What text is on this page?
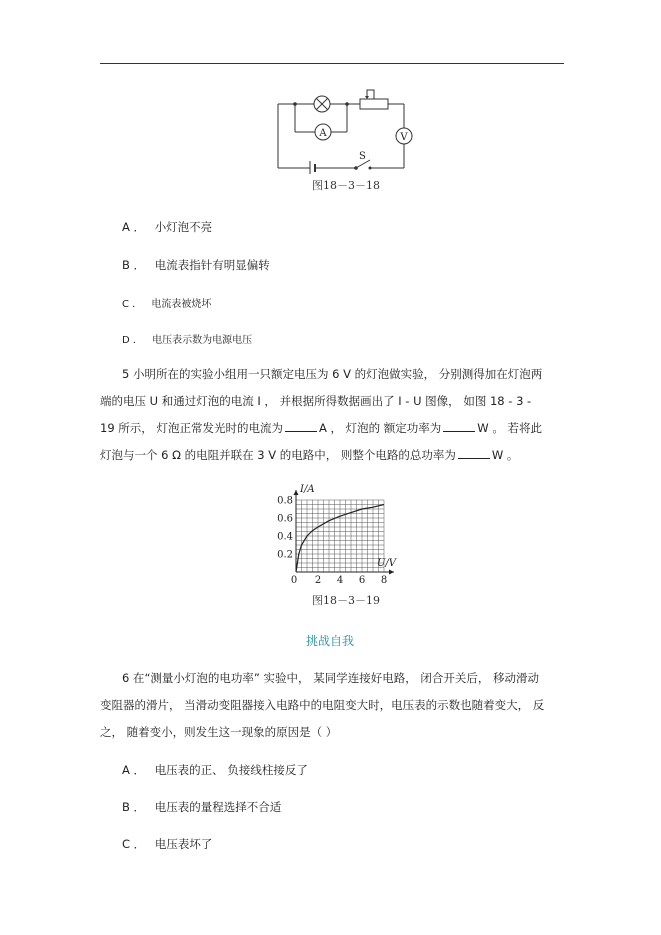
A	V
S
图18－3－18
A ． 小灯泡不亮
B ． 电流表指针有明显偏转
C ． 电流表被烧坏
D ． 电压表示数为电源电压
5 小明所在的实验小组用一只额定电压为 6 V 的灯泡做实验， 分别测得加在灯泡两
端的电压 U 和通过灯泡的电流 I ， 并根据所得数据画出了 I - U 图像， 如图 18 - 3 -
19 所示， 灯泡正常发光时的电流为	A ， 灯泡的 额定功率为	W 。 若将此
灯泡与一个 6 Ω 的电阻并联在 3 V 的电路中， 则整个电路的总功率为	W 。
0 2 4 6 8
0.2
0.4
0.6
0.8
U/V
I/A
图18－3－19
挑战自我
6 在“测量小灯泡的电功率” 实验中， 某同学连接好电路， 闭合开关后， 移动滑动
变阻器的滑片， 当滑动变阻器接入电路中的电阻变大时，电压表的示数也随着变大， 反
之， 随着变小，则发生这一现象的原因是（ ）
A ． 电压表的正、 负接线柱接反了
B ． 电压表的量程选择不合适
C ． 电压表坏了
